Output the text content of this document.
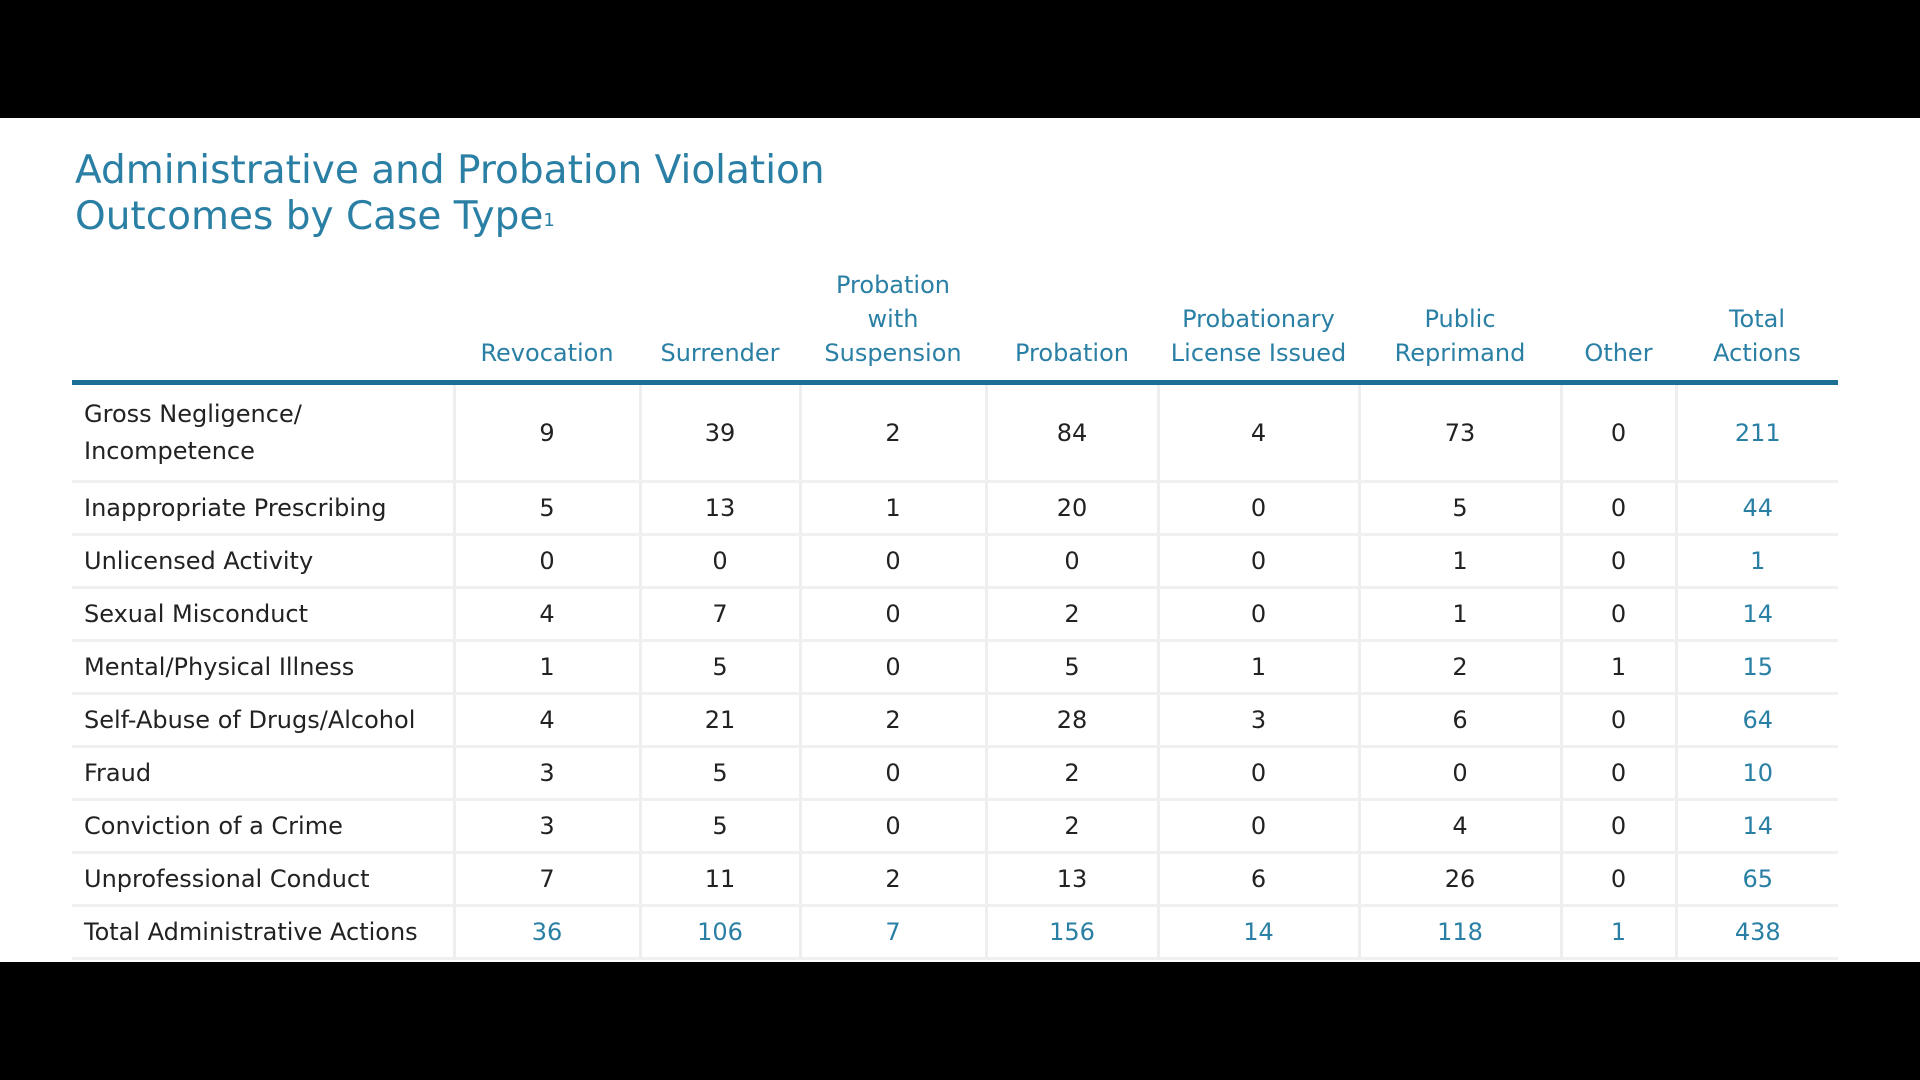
Administrative and Probation Violation
Outcomes by Case Type$^1$

	Revocation	Surrender	Probation
with
Suspension	Probation	Probationary
License Issued	Public
Reprimand	Other	Total
Actions

Gross Negligence/
Incompetence	9	39	2	84	4	73	0	211

Inappropriate Prescribing	5	13	1	20	0	5	0	44

Unlicensed Activity	0	0	0	0	0	1	0	1

Sexual Misconduct	4	7	0	2	0	1	0	14

Mental/Physical Illness	1	5	0	5	1	2	1	15

Self-Abuse of Drugs/Alcohol	4	21	2	28	3	6	0	64

Fraud	3	5	0	2	0	0	0	10

Conviction of a Crime	3	5	0	2	0	4	0	14

Unprofessional Conduct	7	11	2	13	6	26	0	65

Total Administrative Actions	36	106	7	156	14	118	1	438
